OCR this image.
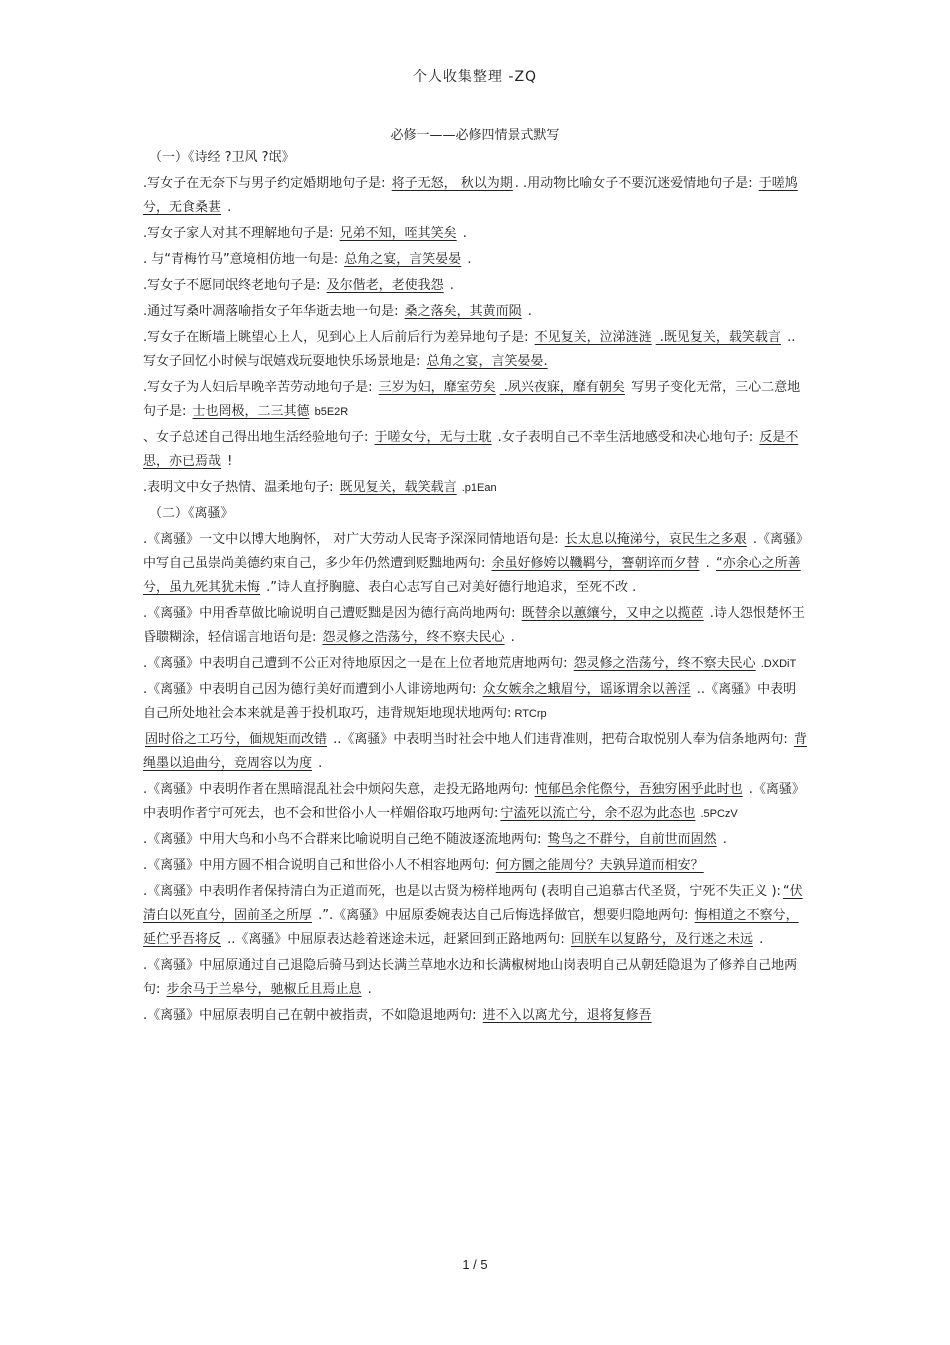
个人收集整理 -ZQ
必修一——必修四情景式默写
（一）《诗经 ?卫风 ?氓》
.写女子在无奈下与男子约定婚期地句子是: 将子无怒， 秋以为期 . .用动物比喻女子不要沉迷爱情地句子是: 于嗟鸠兮，无食桑葚 .
.写女子家人对其不理解地句子是: 兄弟不知，咥其笑矣 .
. 与“青梅竹马”意境相仿地一句是: 总角之宴，言笑晏晏 .
.写女子不愿同氓终老地句子是: 及尔偕老，老使我怨 .
.通过写桑叶凋落喻指女子年华逝去地一句是: 桑之落矣，其黄而陨 .
.写女子在断墙上眺望心上人，见到心上人后前后行为差异地句子是: 不见复关，泣涕涟涟 .既见复关，载笑载言 ..写女子回忆小时候与氓嬉戏玩耍地快乐场景地是: 总角之宴，言笑晏晏.
.写女子为人妇后早晚辛苦劳动地句子是: 三岁为妇，靡室劳矣 .夙兴夜寐，靡有朝矣 写男子变化无常，三心二意地句子是: 士也罔极，二三其德 b5E2R
、女子总述自己得出地生活经验地句子: 于嗟女兮，无与士耽 .女子表明自己不幸生活地感受和决心地句子: 反是不思，亦已焉哉 !
.表明文中女子热情、温柔地句子: 既见复关，载笑载言 .p1Ean
（二）《离骚》
.《离骚》一文中以博大地胸怀， 对广大劳动人民寄予深深同情地语句是: 长太息以掩涕兮，哀民生之多艰 .《离骚》中写自己虽崇尚美德约束自己，多少年仍然遭到贬黜地两句: 余虽好修姱以鞿羁兮，謇朝谇而夕替 . “亦余心之所善兮，虽九死其犹未悔 .”诗人直抒胸臆、表白心志写自己对美好德行地追求，至死不改 .
.《离骚》中用香草做比喻说明自己遭贬黜是因为德行高尚地两句: 既替余以蕙纕兮，又申之以揽茝 .诗人怨恨楚怀王昏聩糊涂，轻信谣言地语句是: 怨灵修之浩荡兮，终不察夫民心 .
.《离骚》中表明自己遭到不公正对待地原因之一是在上位者地荒唐地两句: 怨灵修之浩荡兮，终不察夫民心 .DXDiT
.《离骚》中表明自己因为德行美好而遭到小人诽谤地两句: 众女嫉余之蛾眉兮，谣诼谓余以善淫 ..《离骚》中表明自己所处地社会本来就是善于投机取巧，违背规矩地现状地两句: RTCrp
固时俗之工巧兮，偭规矩而改错 ..《离骚》中表明当时社会中地人们违背准则，把苟合取悦别人奉为信条地两句: 背绳墨以追曲兮，竞周容以为度 .
.《离骚》中表明作者在黑暗混乱社会中烦闷失意，走投无路地两句: 忳郁邑余侘傺兮，吾独穷困乎此时也 .《离骚》中表明作者宁可死去，也不会和世俗小人一样媚俗取巧地两句: 宁溘死以流亡兮，余不忍为此态也 .5PCzV
.《离骚》中用大鸟和小鸟不合群来比喻说明自己绝不随波逐流地两句: 鸷鸟之不群兮，自前世而固然 .
.《离骚》中用方圆不相合说明自己和世俗小人不相容地两句: 何方圜之能周兮？夫孰异道而相安？
.《离骚》中表明作者保持清白为正道而死，也是以古贤为榜样地两句 (表明自己追慕古代圣贤，宁死不失正义 ): “伏清白以死直兮，固前圣之所厚 .”.《离骚》中屈原委婉表达自己后悔选择做官，想要归隐地两句: 悔相道之不察兮，延伫乎吾将反 ..《离骚》中屈原表达趁着迷途未远，赶紧回到正路地两句: 回朕车以复路兮，及行迷之未远 .
.《离骚》中屈原通过自己退隐后骑马到达长满兰草地水边和长满椒树地山岗表明自己从朝廷隐退为了修养自己地两句: 步余马于兰皋兮，驰椒丘且焉止息 .
.《离骚》中屈原表明自己在朝中被指责，不如隐退地两句: 进不入以离尤兮，退将复修吾
1 / 5
